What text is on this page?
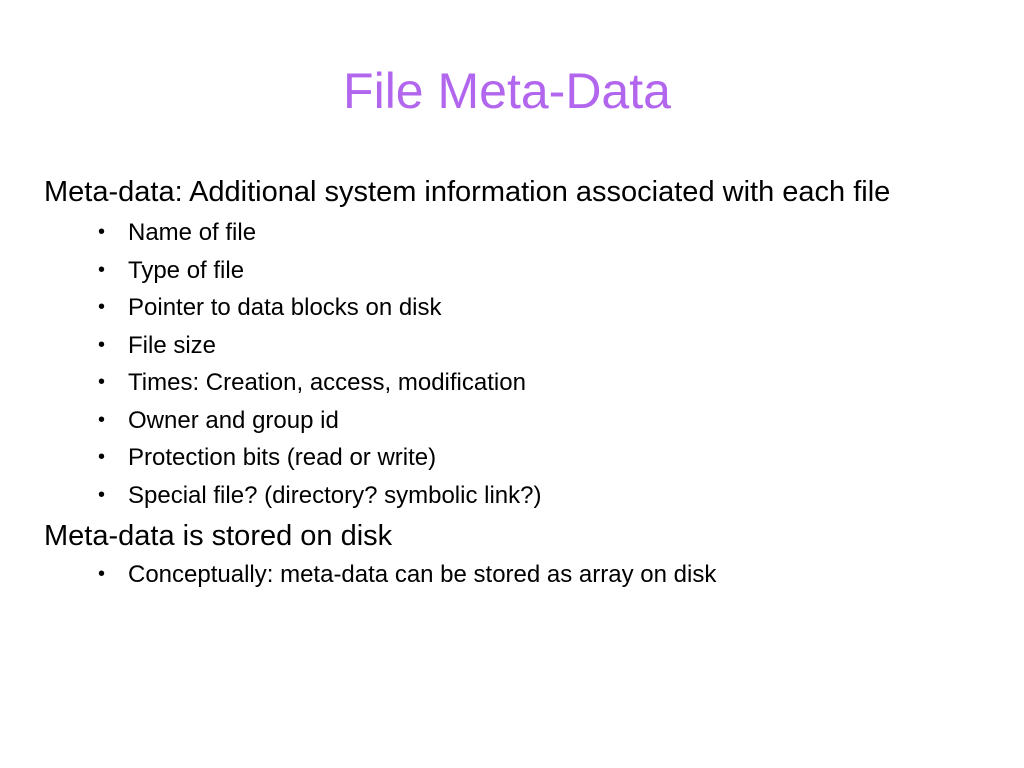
File Meta-Data

Meta-data: Additional system information associated with each file

• Name of file
• Type of file
• Pointer to data blocks on disk
• File size
• Times: Creation, access, modification
• Owner and group id
• Protection bits (read or write)
• Special file? (directory? symbolic link?)

Meta-data is stored on disk

• Conceptually: meta-data can be stored as array on disk
